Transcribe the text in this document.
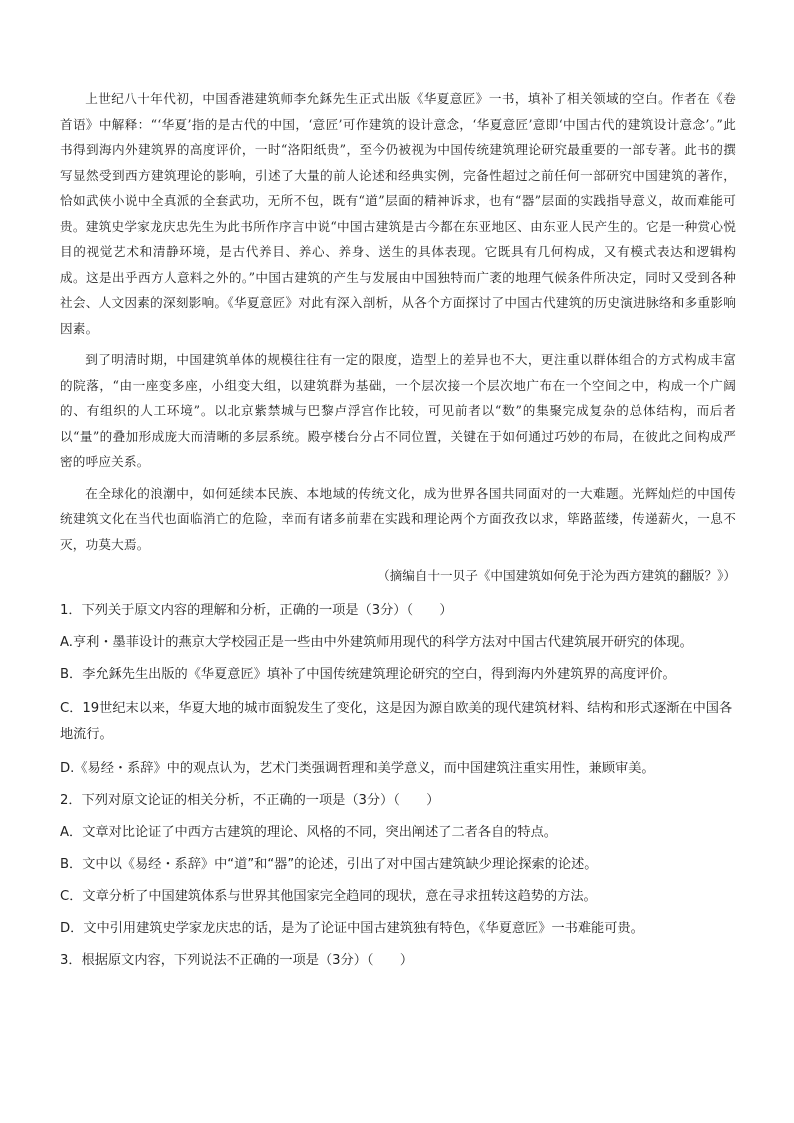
上世纪八十年代初，中国香港建筑师李允鉌先生正式出版《华夏意匠》一书，填补了相关领域的空白。作者在《卷首语》中解释：“‘华夏’指的是古代的中国，‘意匠’可作建筑的设计意念，‘华夏意匠’意即‘中国古代的建筑设计意念’。”此书得到海内外建筑界的高度评价，一时“洛阳纸贵”，至今仍被视为中国传统建筑理论研究最重要的一部专著。此书的撰写显然受到西方建筑理论的影响，引述了大量的前人论述和经典实例，完备性超过之前任何一部研究中国建筑的著作，恰如武侠小说中全真派的全套武功，无所不包，既有“道”层面的精神诉求，也有“器”层面的实践指导意义，故而难能可贵。建筑史学家龙庆忠先生为此书所作序言中说“中国古建筑是古今都在东亚地区、由东亚人民产生的。它是一种赏心悦目的视觉艺术和清静环境，是古代养目、养心、养身、送生的具体表现。它既具有几何构成，又有模式表达和逻辑构成。这是出乎西方人意料之外的。”中国古建筑的产生与发展由中国独特而广袤的地理气候条件所决定，同时又受到各种社会、人文因素的深刻影响。《华夏意匠》对此有深入剖析，从各个方面探讨了中国古代建筑的历史演进脉络和多重影响因素。

到了明清时期，中国建筑单体的规模往往有一定的限度，造型上的差异也不大，更注重以群体组合的方式构成丰富的院落，“由一座变多座，小组变大组，以建筑群为基础，一个层次接一个层次地广布在一个空间之中，构成一个广阔的、有组织的人工环境”。以北京紫禁城与巴黎卢浮宫作比较，可见前者以“数”的集聚完成复杂的总体结构，而后者以“量”的叠加形成庞大而清晰的多层系统。殿亭楼台分占不同位置，关键在于如何通过巧妙的布局，在彼此之间构成严密的呼应关系。

在全球化的浪潮中，如何延续本民族、本地域的传统文化，成为世界各国共同面对的一大难题。光辉灿烂的中国传统建筑文化在当代也面临消亡的危险，幸而有诸多前辈在实践和理论两个方面孜孜以求，筚路蓝缕，传递薪火，一息不灭，功莫大焉。

（摘编自十一贝子《中国建筑如何免于沦为西方建筑的翻版？》）
1．下列关于原文内容的理解和分析，正确的一项是（3分）（　　）
A.亨利・墨菲设计的燕京大学校园正是一些由中外建筑师用现代的科学方法对中国古代建筑展开研究的体现。
B．李允鉌先生出版的《华夏意匠》填补了中国传统建筑理论研究的空白，得到海内外建筑界的高度评价。
C．19世纪末以来，华夏大地的城市面貌发生了变化，这是因为源自欧美的现代建筑材料、结构和形式逐渐在中国各地流行。
D.《易经・系辞》中的观点认为，艺术门类强调哲理和美学意义，而中国建筑注重实用性，兼顾审美。
2．下列对原文论证的相关分析，不正确的一项是（3分）（　　）
A．文章对比论证了中西方古建筑的理论、风格的不同，突出阐述了二者各自的特点。
B．文中以《易经・系辞》中“道”和“器”的论述，引出了对中国古建筑缺少理论探索的论述。
C．文章分析了中国建筑体系与世界其他国家完全趋同的现状，意在寻求扭转这趋势的方法。
D．文中引用建筑史学家龙庆忠的话，是为了论证中国古建筑独有特色，《华夏意匠》一书难能可贵。
3．根据原文内容，下列说法不正确的一项是（3分）（　　）
